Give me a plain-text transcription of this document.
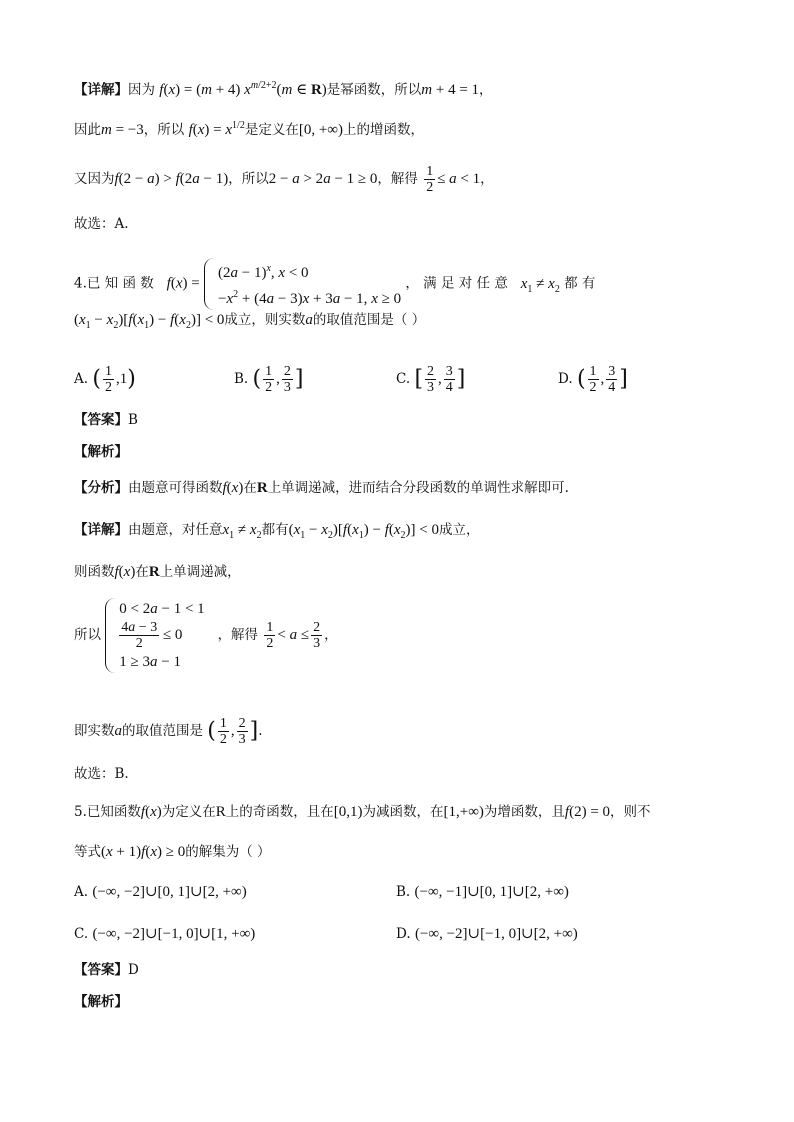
【详解】因为 f(x) = (m + 4) $x^{m/2+2}(m$ ∈ R)是幂函数，所以m + 4 = 1，
因此m = −3，所以 $f(x) = x^{1/2}$是定义在[0, +∞)上的增函数，
又因为f(2 − a) > f(2a − 1)，所以2 − a > 2a − 1 ≥ 0，解得 $\frac{1}{2} \le a < 1$，
故选：A.
4.已 知 函 数 f(x) =
$(2a - 1)^x$, x < 0
$-x^2 + (4a - 3)x + 3a - 1$, x ≥ 0
， 满 足 对 任 意 $x_1 \ne x_2$ 都 有
$(x_1 - x_2)[f(x_1) - f(x_2)] < 0$成立，则实数a的取值范围是（ ）
A. ( $\frac{1}{2} ,1$)	B. ( $\frac{1}{2}$ , $\frac{2}{3}$ ]	C. [ $\frac{2}{3}$ , $\frac{3}{4}$ ]	D. ( $\frac{1}{2}$ , $\frac{3}{4}$ ]
【答案】B
【解析】
【分析】由题意可得函数f(x)在R上单调递减，进而结合分段函数的单调性求解即可.
【详解】由题意，对任意$x_1 \ne x_2$都有$(x_1 - x_2)[f(x_1) - f(x_2)] < 0$成立，
则函数f(x)在R上单调递减，
所以
0 < 2a − 1 < 1
$\frac{4a - 3}{2} \le 0$
1 ≥ 3a − 1
，解得 $\frac{1}{2} < a \le \frac{2}{3}$ ，
即实数a的取值范围是 ( $\frac{1}{2}$ , $\frac{2}{3}$ ].
故选：B.
5.已知函数f(x)为定义在R上的奇函数，且在[0,1)为减函数，在[1,+∞)为增函数，且f(2) = 0，则不
等式(x + 1)f(x) ≥ 0的解集为（ ）
A. (−∞, −2]∪[0, 1]∪[2, +∞)	B. (−∞, −1]∪[0, 1]∪[2, +∞)
C. (−∞, −2]∪[−1, 0]∪[1, +∞)	D. (−∞, −2]∪[−1, 0]∪[2, +∞)
【答案】D
【解析】
